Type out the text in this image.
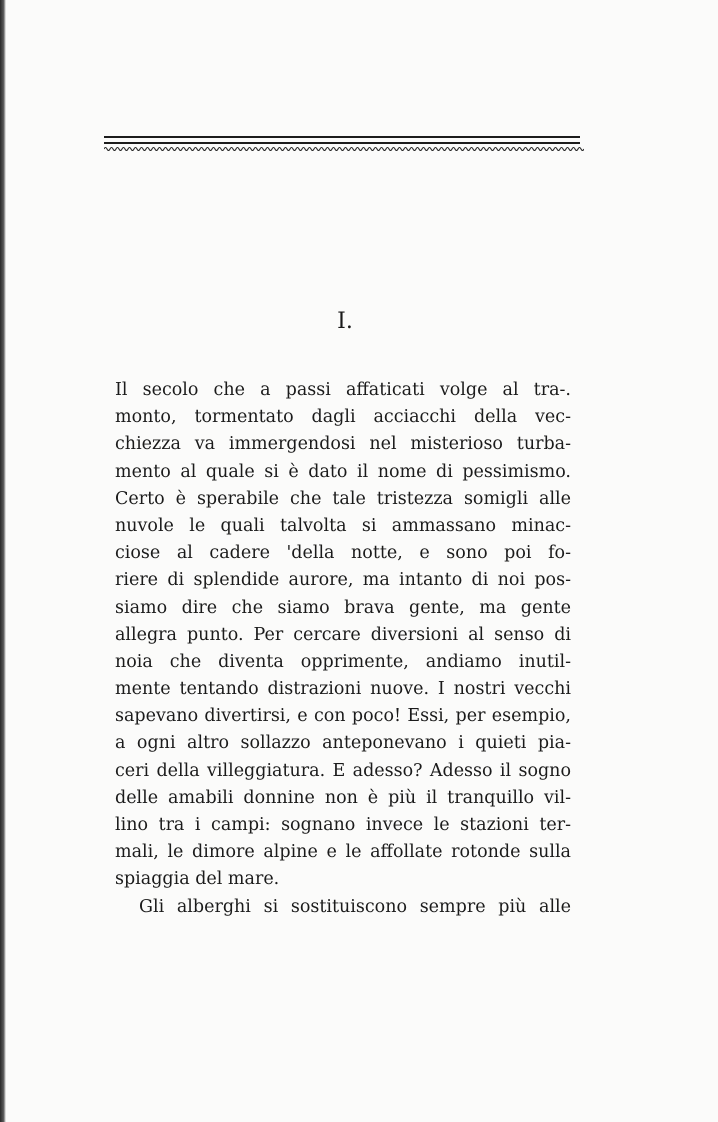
I.
Il secolo che a passi affaticati volge al tra-.
monto, tormentato dagli acciacchi della vec-
chiezza va immergendosi nel misterioso turba-
mento al quale si è dato il nome di pessimismo.
Certo è sperabile che tale tristezza somigli alle
nuvole le quali talvolta si ammassano minac-
ciose al cadere 'della notte, e sono poi fo-
riere di splendide aurore, ma intanto di noi pos-
siamo dire che siamo brava gente, ma gente
allegra punto. Per cercare diversioni al senso di
noia che diventa opprimente, andiamo inutil-
mente tentando distrazioni nuove. I nostri vecchi
sapevano divertirsi, e con poco! Essi, per esempio,
a ogni altro sollazzo anteponevano i quieti pia-
ceri della villeggiatura. E adesso? Adesso il sogno
delle amabili donnine non è più il tranquillo vil-
lino tra i campi: sognano invece le stazioni ter-
mali, le dimore alpine e le affollate rotonde sulla
spiaggia del mare.
Gli alberghi si sostituiscono sempre più alle
